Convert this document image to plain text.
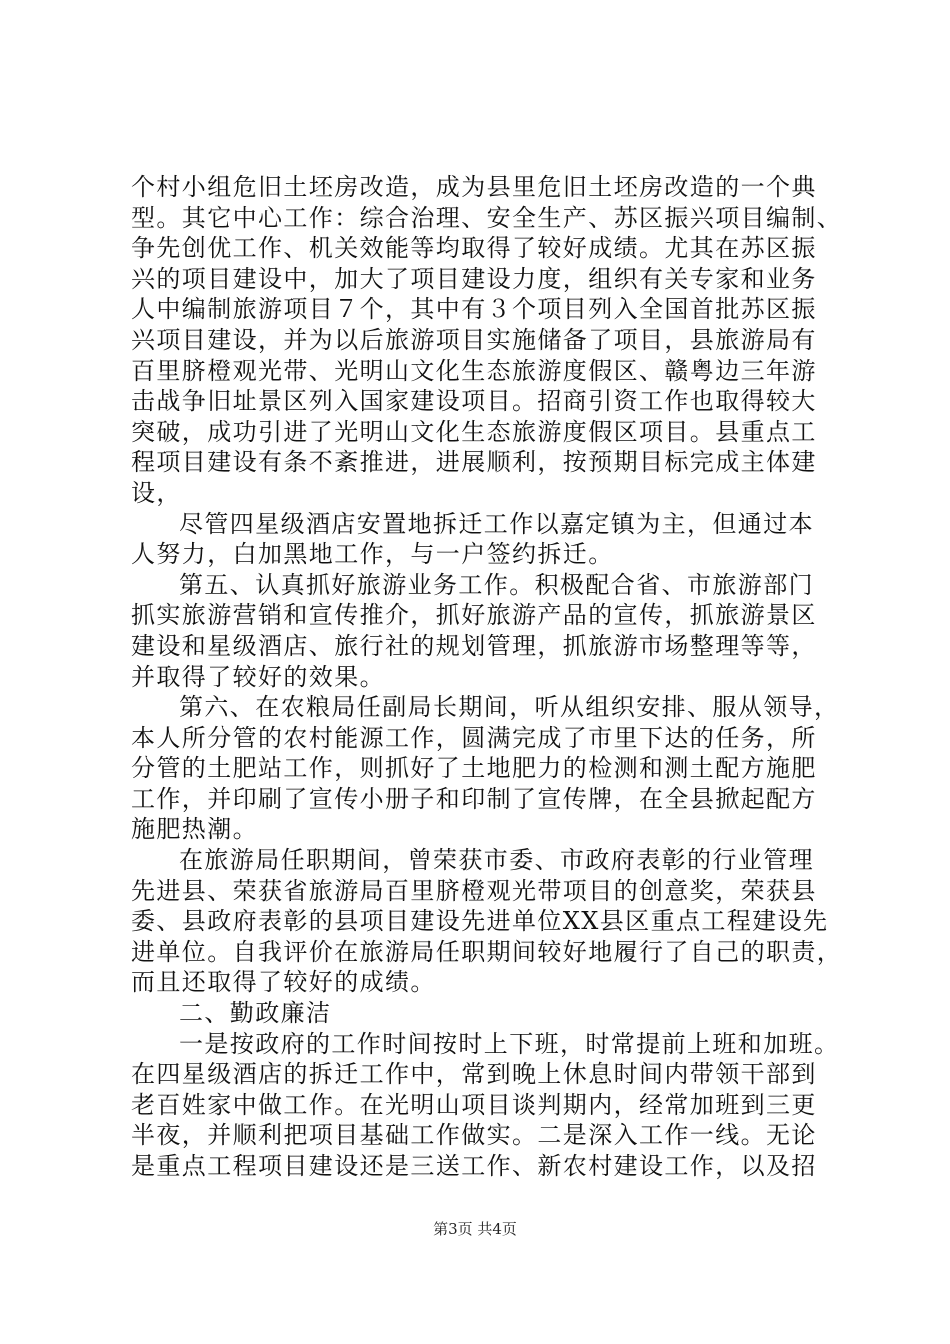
个村小组危旧土坯房改造，成为县里危旧土坯房改造的一个典
型。其它中心工作：综合治理、安全生产、苏区振兴项目编制、
争先创优工作、机关效能等均取得了较好成绩。尤其在苏区振
兴的项目建设中，加大了项目建设力度，组织有关专家和业务
人中编制旅游项目７个，其中有３个项目列入全国首批苏区振
兴项目建设，并为以后旅游项目实施储备了项目，县旅游局有
百里脐橙观光带、光明山文化生态旅游度假区、赣粤边三年游
击战争旧址景区列入国家建设项目。招商引资工作也取得较大
突破，成功引进了光明山文化生态旅游度假区项目。县重点工
程项目建设有条不紊推进，进展顺利，按预期目标完成主体建
设，
尽管四星级酒店安置地拆迁工作以嘉定镇为主，但通过本
人努力，白加黑地工作，与一户签约拆迁。
第五、认真抓好旅游业务工作。积极配合省、市旅游部门
抓实旅游营销和宣传推介，抓好旅游产品的宣传，抓旅游景区
建设和星级酒店、旅行社的规划管理，抓旅游市场整理等等，
并取得了较好的效果。
第六、在农粮局任副局长期间，听从组织安排、服从领导，
本人所分管的农村能源工作，圆满完成了市里下达的任务，所
分管的土肥站工作，则抓好了土地肥力的检测和测土配方施肥
工作，并印刷了宣传小册子和印制了宣传牌，在全县掀起配方
施肥热潮。
在旅游局任职期间，曾荣获市委、市政府表彰的行业管理
先进县、荣获省旅游局百里脐橙观光带项目的创意奖，荣获县
委、县政府表彰的县项目建设先进单位XX县区重点工程建设先
进单位。自我评价在旅游局任职期间较好地履行了自己的职责，
而且还取得了较好的成绩。
二、勤政廉洁
一是按政府的工作时间按时上下班，时常提前上班和加班。
在四星级酒店的拆迁工作中，常到晚上休息时间内带领干部到
老百姓家中做工作。在光明山项目谈判期内，经常加班到三更
半夜，并顺利把项目基础工作做实。二是深入工作一线。无论
是重点工程项目建设还是三送工作、新农村建设工作，以及招
第3页 共4页
